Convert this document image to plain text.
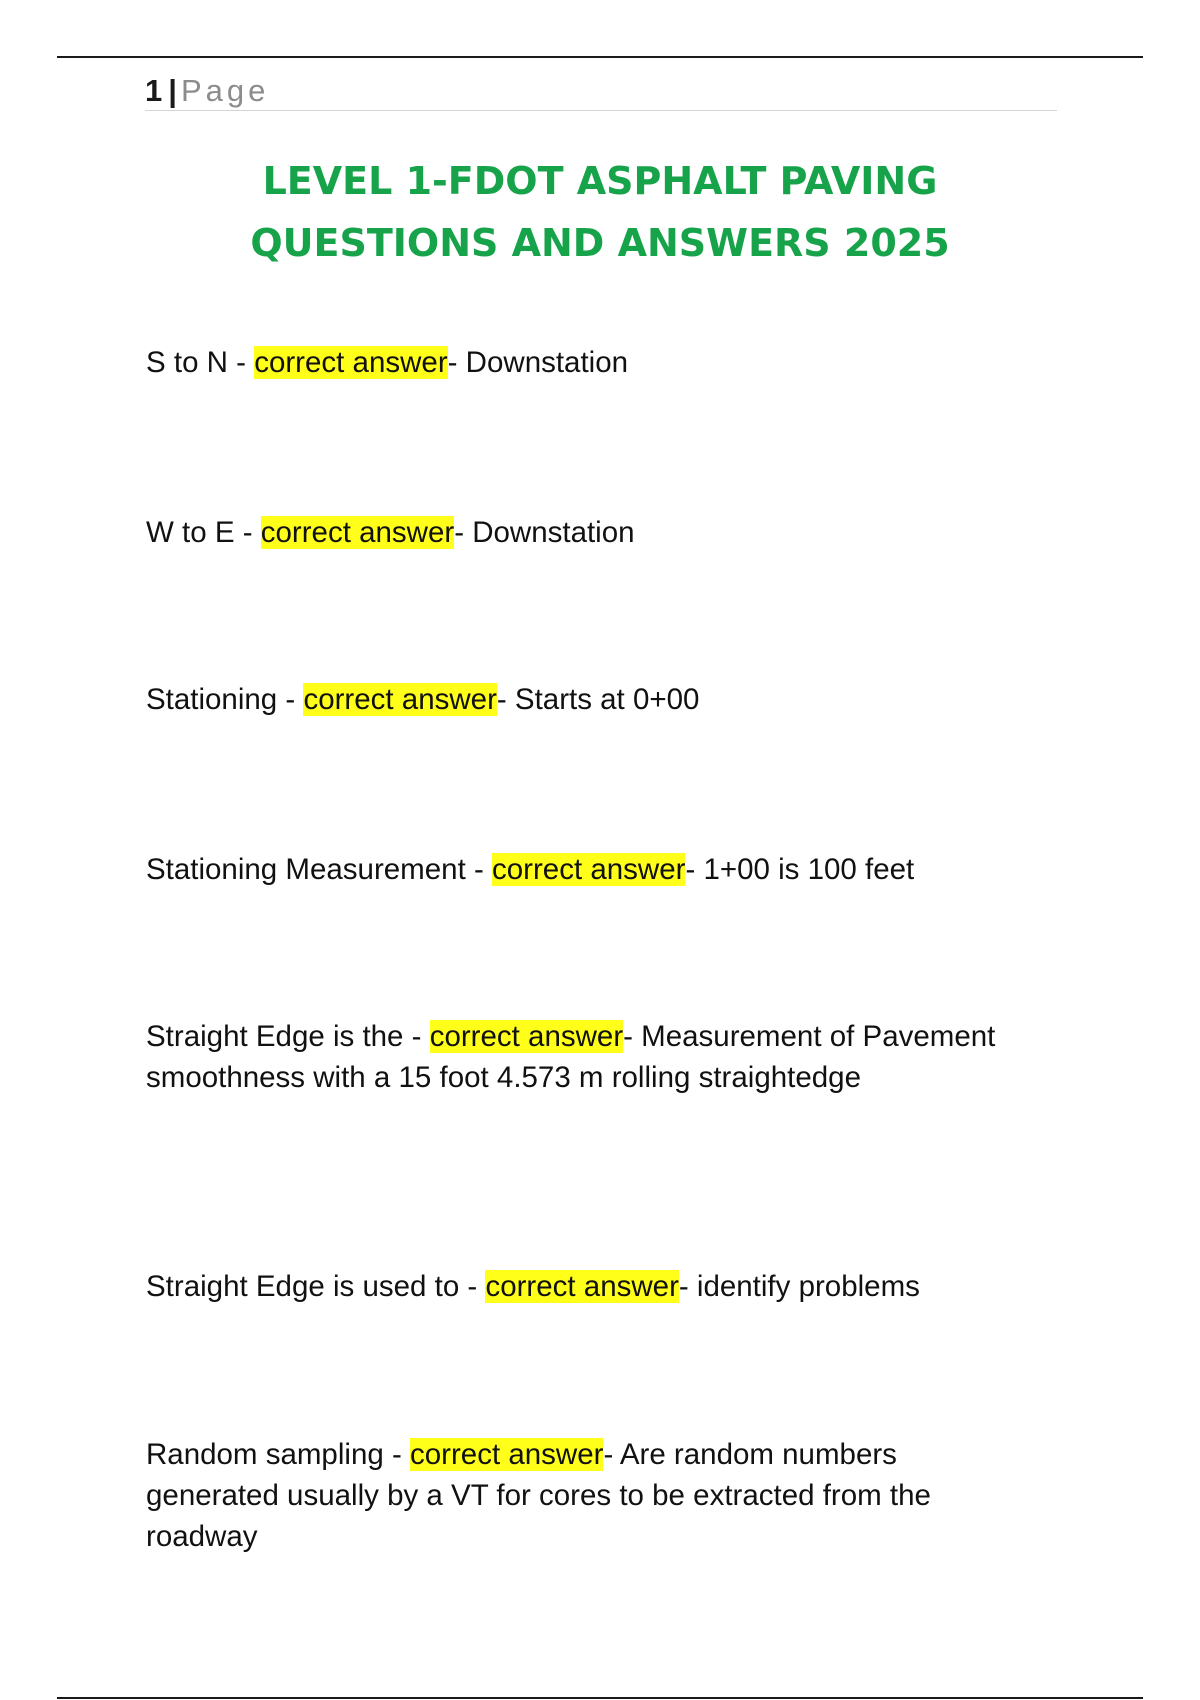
1 | Page
LEVEL 1-FDOT ASPHALT PAVING
QUESTIONS AND ANSWERS 2025

S to N - correct answer- Downstation

W to E - correct answer- Downstation

Stationing - correct answer- Starts at 0+00

Stationing Measurement - correct answer- 1+00 is 100 feet

Straight Edge is the - correct answer- Measurement of Pavement smoothness with a 15 foot 4.573 m rolling straightedge

Straight Edge is used to - correct answer- identify problems

Random sampling - correct answer- Are random numbers generated usually by a VT for cores to be extracted from the roadway
